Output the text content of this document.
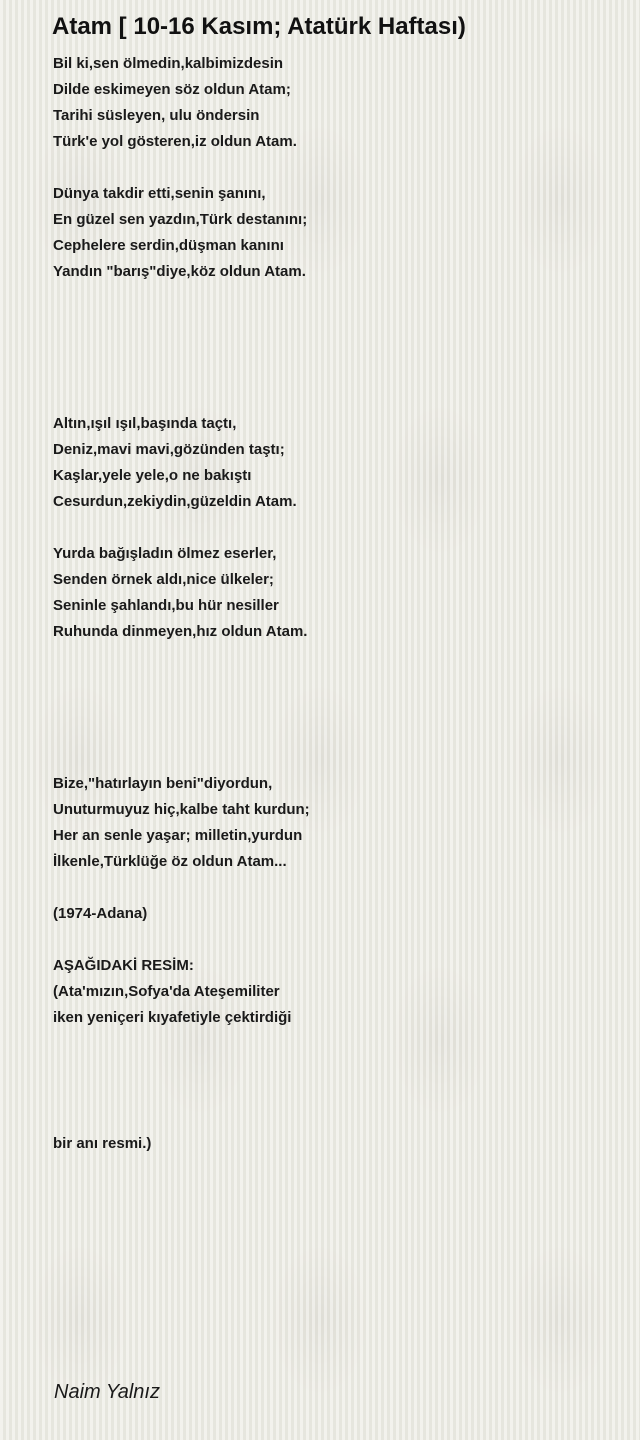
Atam [ 10-16 Kasım; Atatürk Haftası)
Bil ki,sen ölmedin,kalbimizdesin
Dilde eskimeyen söz oldun Atam;
Tarihi süsleyen, ulu öndersin
Türk'e yol gösteren,iz oldun Atam.
Dünya takdir etti,senin şanını,
En güzel sen yazdın,Türk destanını;
Cephelere serdin,düşman kanını
Yandın "barış"diye,köz oldun Atam.
Altın,ışıl ışıl,başında taçtı,
Deniz,mavi mavi,gözünden taştı;
Kaşlar,yele yele,o ne bakıştı
Cesurdun,zekiydin,güzeldin Atam.
Yurda bağışladın ölmez eserler,
Senden örnek aldı,nice ülkeler;
Seninle şahlandı,bu hür nesiller
Ruhunda dinmeyen,hız oldun Atam.
Bize,"hatırlayın beni"diyordun,
Unuturmuyuz hiç,kalbe taht kurdun;
Her an senle yaşar; milletin,yurdun
İlkenle,Türklüğe öz oldun Atam...
(1974-Adana)
AŞAĞIDAKİ RESİM:
(Ata'mızın,Sofya'da Ateşemiliter
iken yeniçeri kıyafetiyle çektirdiği
bir anı resmi.)
Naim Yalnız
